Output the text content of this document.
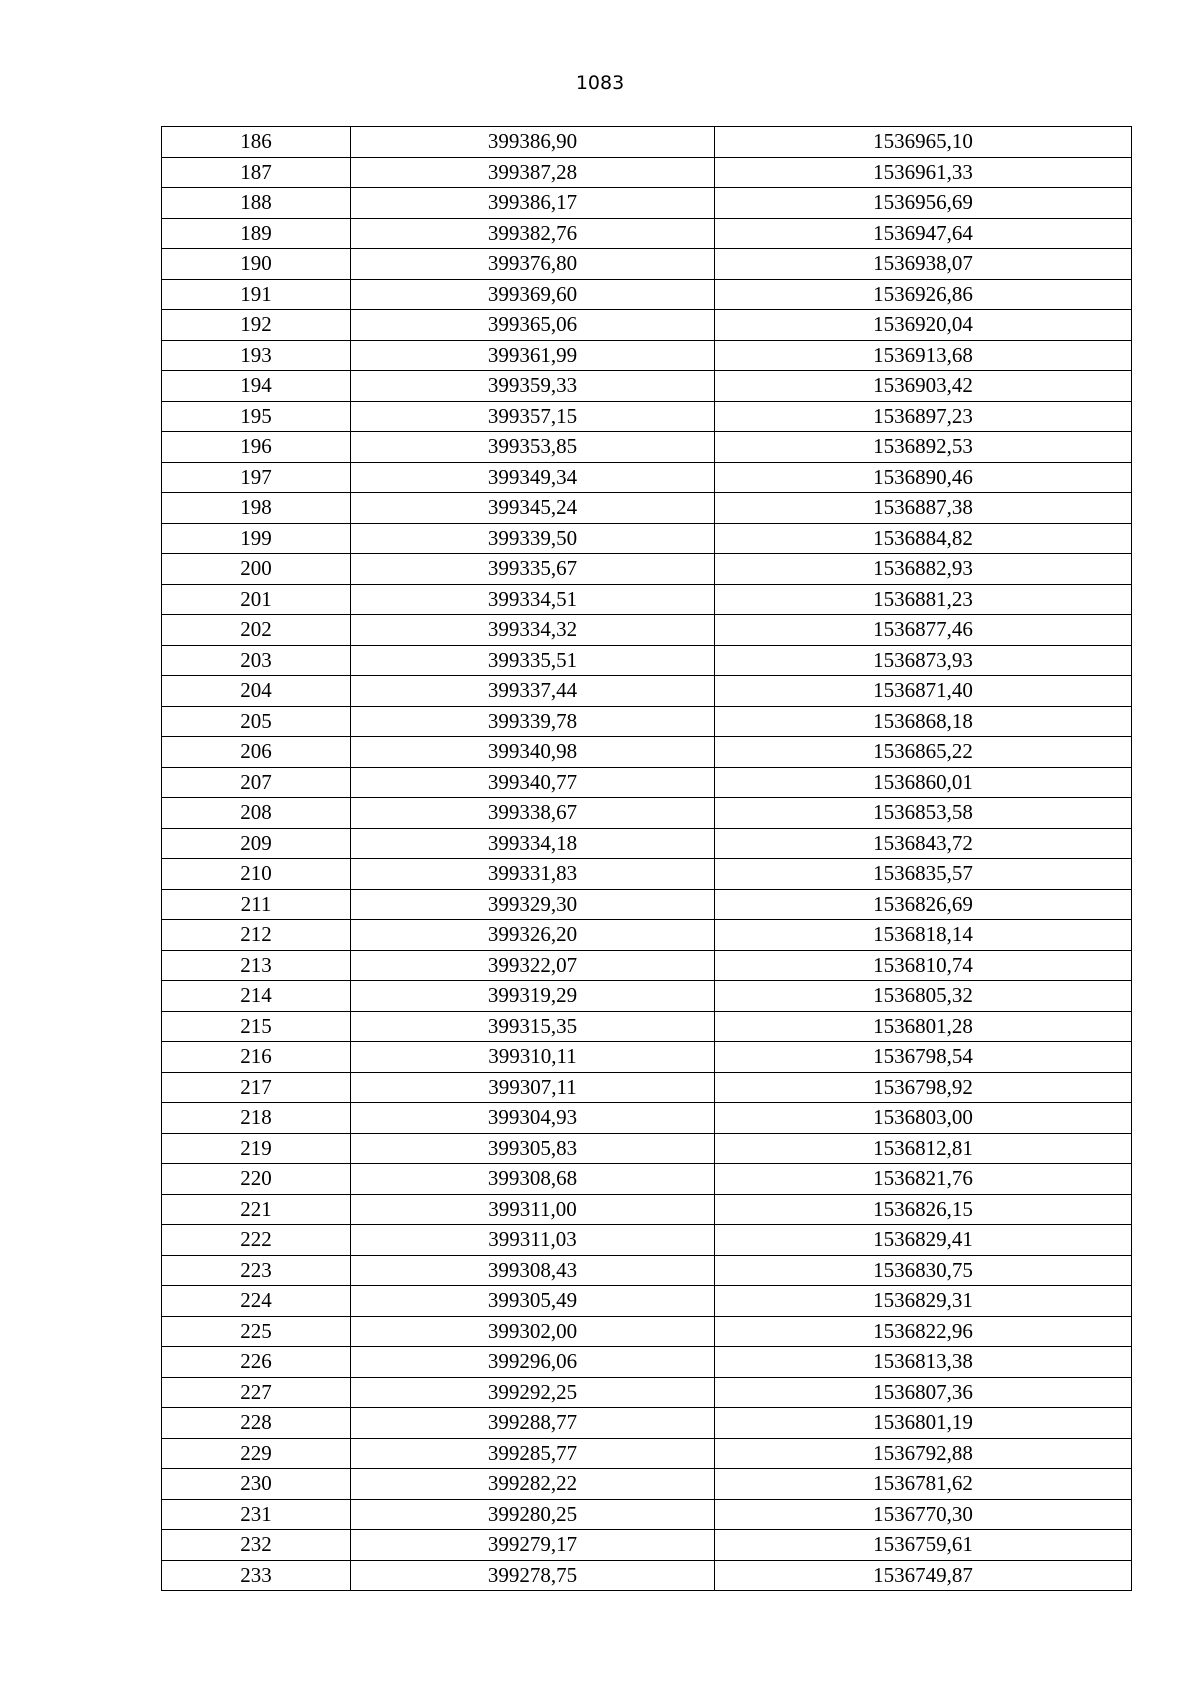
1083
186	399386,90	1536965,10
187	399387,28	1536961,33
188	399386,17	1536956,69
189	399382,76	1536947,64
190	399376,80	1536938,07
191	399369,60	1536926,86
192	399365,06	1536920,04
193	399361,99	1536913,68
194	399359,33	1536903,42
195	399357,15	1536897,23
196	399353,85	1536892,53
197	399349,34	1536890,46
198	399345,24	1536887,38
199	399339,50	1536884,82
200	399335,67	1536882,93
201	399334,51	1536881,23
202	399334,32	1536877,46
203	399335,51	1536873,93
204	399337,44	1536871,40
205	399339,78	1536868,18
206	399340,98	1536865,22
207	399340,77	1536860,01
208	399338,67	1536853,58
209	399334,18	1536843,72
210	399331,83	1536835,57
211	399329,30	1536826,69
212	399326,20	1536818,14
213	399322,07	1536810,74
214	399319,29	1536805,32
215	399315,35	1536801,28
216	399310,11	1536798,54
217	399307,11	1536798,92
218	399304,93	1536803,00
219	399305,83	1536812,81
220	399308,68	1536821,76
221	399311,00	1536826,15
222	399311,03	1536829,41
223	399308,43	1536830,75
224	399305,49	1536829,31
225	399302,00	1536822,96
226	399296,06	1536813,38
227	399292,25	1536807,36
228	399288,77	1536801,19
229	399285,77	1536792,88
230	399282,22	1536781,62
231	399280,25	1536770,30
232	399279,17	1536759,61
233	399278,75	1536749,87
